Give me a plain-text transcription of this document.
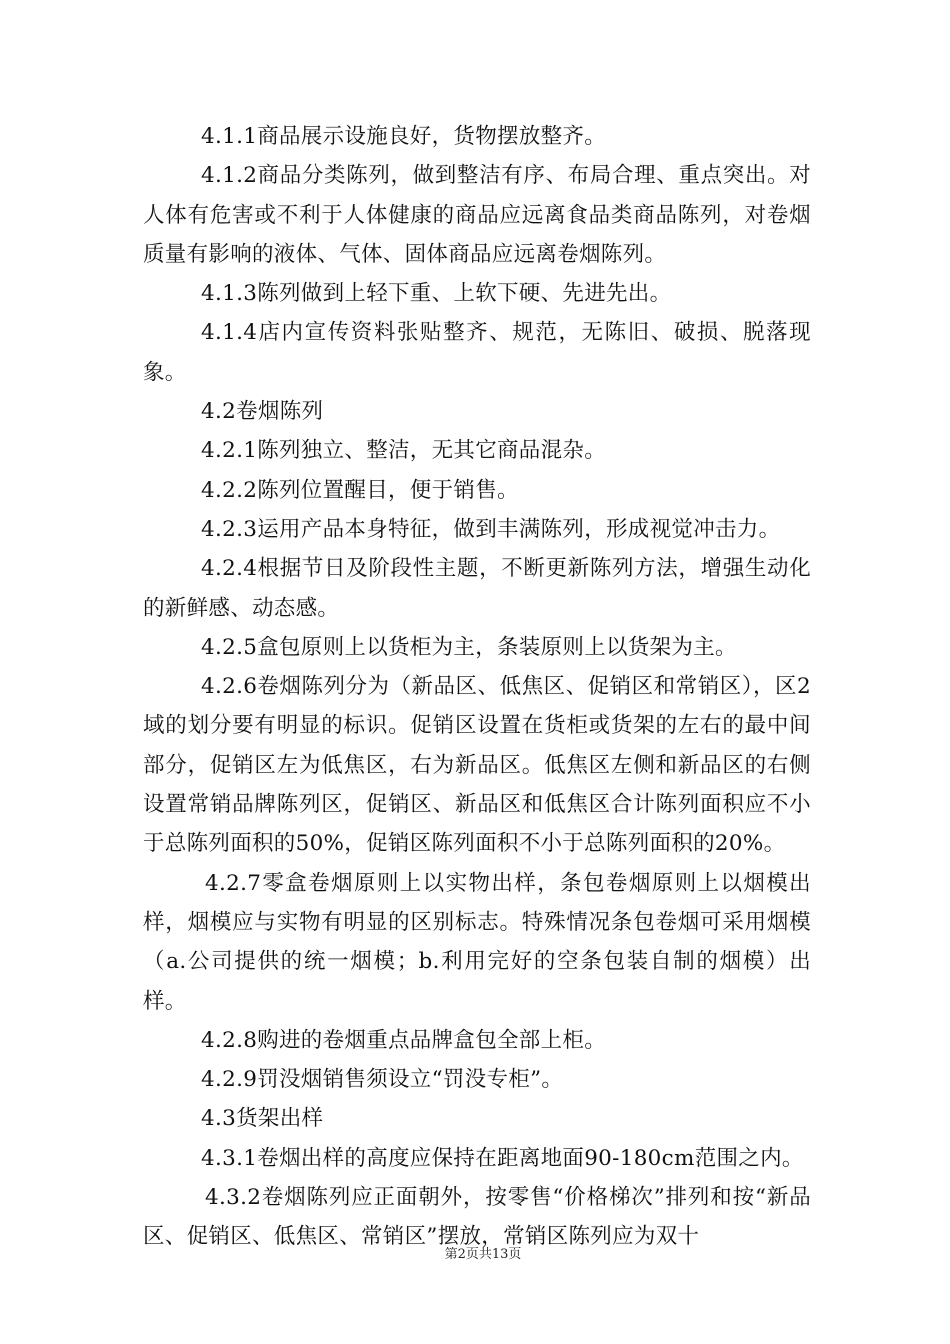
4.1.1商品展示设施良好，货物摆放整齐。

4.1.2商品分类陈列，做到整洁有序、布局合理、重点突出。对人体有危害或不利于人体健康的商品应远离食品类商品陈列，对卷烟质量有影响的液体、气体、固体商品应远离卷烟陈列。

4.1.3陈列做到上轻下重、上软下硬、先进先出。

4.1.4店内宣传资料张贴整齐、规范，无陈旧、破损、脱落现象。

4.2卷烟陈列

4.2.1陈列独立、整洁，无其它商品混杂。

4.2.2陈列位置醒目，便于销售。

4.2.3运用产品本身特征，做到丰满陈列，形成视觉冲击力。

4.2.4根据节日及阶段性主题，不断更新陈列方法，增强生动化的新鲜感、动态感。

4.2.5盒包原则上以货柜为主，条装原则上以货架为主。

4.2.6卷烟陈列分为（新品区、低焦区、促销区和常销区），区2域的划分要有明显的标识。促销区设置在货柜或货架的左右的最中间部分，促销区左为低焦区，右为新品区。低焦区左侧和新品区的右侧设置常销品牌陈列区，促销区、新品区和低焦区合计陈列面积应不小于总陈列面积的50%，促销区陈列面积不小于总陈列面积的20%。

4.2.7零盒卷烟原则上以实物出样，条包卷烟原则上以烟模出样，烟模应与实物有明显的区别标志。特殊情况条包卷烟可采用烟模（a.公司提供的统一烟模；b.利用完好的空条包装自制的烟模）出样。

4.2.8购进的卷烟重点品牌盒包全部上柜。

4.2.9罚没烟销售须设立“罚没专柜”。

4.3货架出样

4.3.1卷烟出样的高度应保持在距离地面90-180cm范围之内。

4.3.2卷烟陈列应正面朝外，按零售“价格梯次”排列和按“新品区、促销区、低焦区、常销区”摆放，常销区陈列应为双十

第2页共13页
